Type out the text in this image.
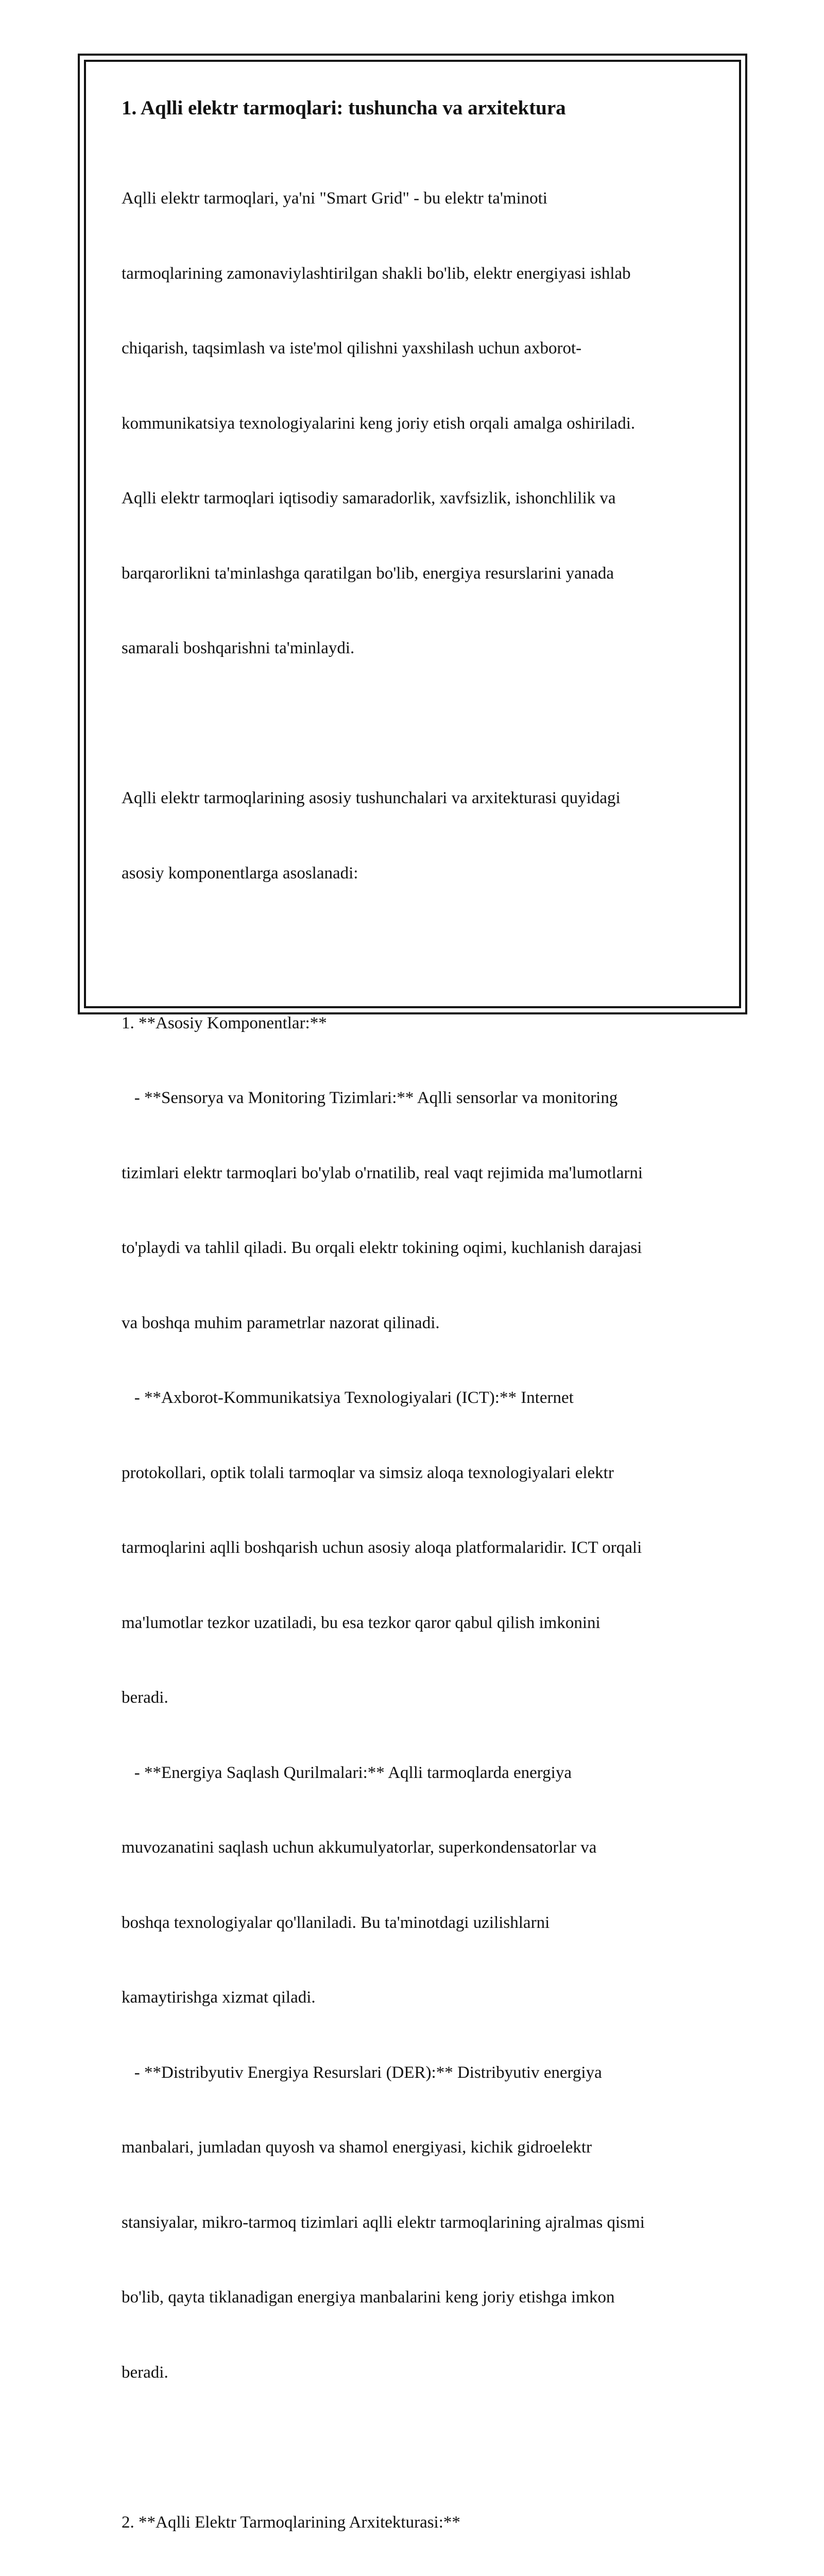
1. Aqlli elektr tarmoqlari: tushuncha va arxitektura

Aqlli elektr tarmoqlari, ya'ni "Smart Grid" - bu elektr ta'minoti

tarmoqlarining zamonaviylashtirilgan shakli bo'lib, elektr energiyasi ishlab

chiqarish, taqsimlash va iste'mol qilishni yaxshilash uchun axborot-

kommunikatsiya texnologiyalarini keng joriy etish orqali amalga oshiriladi.

Aqlli elektr tarmoqlari iqtisodiy samaradorlik, xavfsizlik, ishonchlilik va

barqarorlikni ta'minlashga qaratilgan bo'lib, energiya resurslarini yanada

samarali boshqarishni ta'minlaydi.

Aqlli elektr tarmoqlarining asosiy tushunchalari va arxitekturasi quyidagi

asosiy komponentlarga asoslanadi:

1. **Asosiy Komponentlar:**

- **Sensorya va Monitoring Tizimlari:** Aqlli sensorlar va monitoring

tizimlari elektr tarmoqlari bo'ylab o'rnatilib, real vaqt rejimida ma'lumotlarni

to'playdi va tahlil qiladi. Bu orqali elektr tokining oqimi, kuchlanish darajasi

va boshqa muhim parametrlar nazorat qilinadi.

- **Axborot-Kommunikatsiya Texnologiyalari (ICT):** Internet

protokollari, optik tolali tarmoqlar va simsiz aloqa texnologiyalari elektr

tarmoqlarini aqlli boshqarish uchun asosiy aloqa platformalaridir. ICT orqali

ma'lumotlar tezkor uzatiladi, bu esa tezkor qaror qabul qilish imkonini

beradi.

- **Energiya Saqlash Qurilmalari:** Aqlli tarmoqlarda energiya

muvozanatini saqlash uchun akkumulyatorlar, superkondensatorlar va

boshqa texnologiyalar qo'llaniladi. Bu ta'minotdagi uzilishlarni

kamaytirishga xizmat qiladi.

- **Distribyutiv Energiya Resurslari (DER):** Distribyutiv energiya

manbalari, jumladan quyosh va shamol energiyasi, kichik gidroelektr

stansiyalar, mikro-tarmoq tizimlari aqlli elektr tarmoqlarining ajralmas qismi

bo'lib, qayta tiklanadigan energiya manbalarini keng joriy etishga imkon

beradi.

2. **Aqlli Elektr Tarmoqlarining Arxitekturasi:**
